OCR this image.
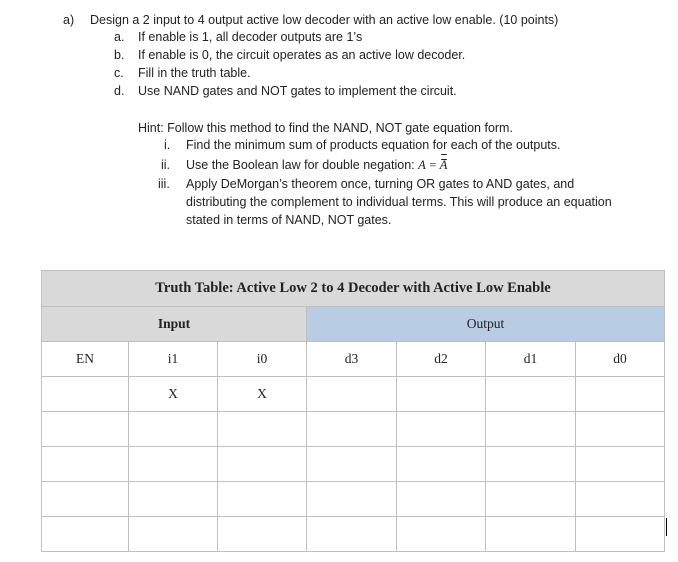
a) Design a 2 input to 4 output active low decoder with an active low enable. (10 points)
a. If enable is 1, all decoder outputs are 1’s
b. If enable is 0, the circuit operates as an active low decoder.
c. Fill in the truth table.
d. Use NAND gates and NOT gates to implement the circuit.
Hint: Follow this method to find the NAND, NOT gate equation form.
i. Find the minimum sum of products equation for each of the outputs.
ii. Use the Boolean law for double negation: A = A
iii. Apply DeMorgan’s theorem once, turning OR gates to AND gates, and
distributing the complement to individual terms. This will produce an equation
stated in terms of NAND, NOT gates.
Truth Table: Active Low 2 to 4 Decoder with Active Low Enable						
Input			Output			
EN	i1	i0	d3	d2	d1	d0
	X	X				
